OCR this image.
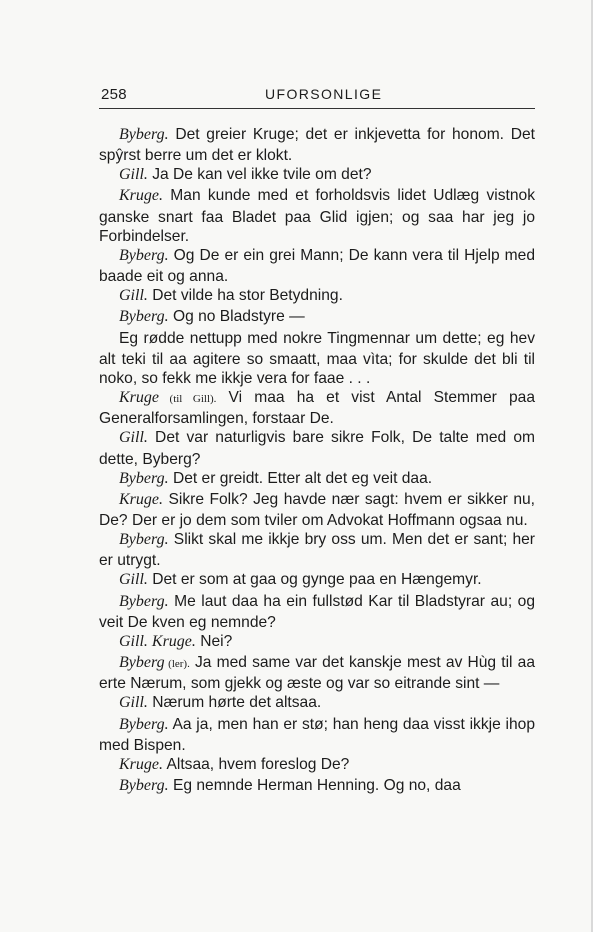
258	UFORSONLIGE

Byberg. Det greier Kruge; det er inkjevetta for honom. Det spŷrst berre um det er klokt.

Gill. Ja De kan vel ikke tvile om det?

Kruge. Man kunde med et forholdsvis lidet Udlæg vistnok ganske snart faa Bladet paa Glid igjen; og saa har jeg jo Forbindelser.

Byberg. Og De er ein grei Mann; De kann vera til Hjelp med baade eit og anna.

Gill. Det vilde ha stor Betydning.

Byberg. Og no Bladstyre —

Eg rødde nettupp med nokre Tingmennar um dette; eg hev alt teki til aa agitere so smaatt, maa vìta; for skulde det bli til noko, so fekk me ikkje vera for faae . . .

Kruge (til Gill). Vi maa ha et vist Antal Stemmer paa Generalforsamlingen, forstaar De.

Gill. Det var naturligvis bare sikre Folk, De talte med om dette, Byberg?

Byberg. Det er greidt. Etter alt det eg veit daa.

Kruge. Sikre Folk? Jeg havde nær sagt: hvem er sikker nu, De? Der er jo dem som tviler om Advokat Hoffmann ogsaa nu.

Byberg. Slikt skal me ikkje bry oss um. Men det er sant; her er utrygt.

Gill. Det er som at gaa og gynge paa en Hængemyr.

Byberg. Me laut daa ha ein fullstød Kar til Bladstyrar au; og veit De kven eg nemnde?

Gill. Kruge. Nei?

Byberg (ler). Ja med same var det kanskje mest av Hùg til aa erte Nærum, som gjekk og æste og var so eitrande sint —

Gill. Nærum hørte det altsaa.

Byberg. Aa ja, men han er stø; han heng daa visst ikkje ihop med Bispen.

Kruge. Altsaa, hvem foreslog De?

Byberg. Eg nemnde Herman Henning. Og no, daa
